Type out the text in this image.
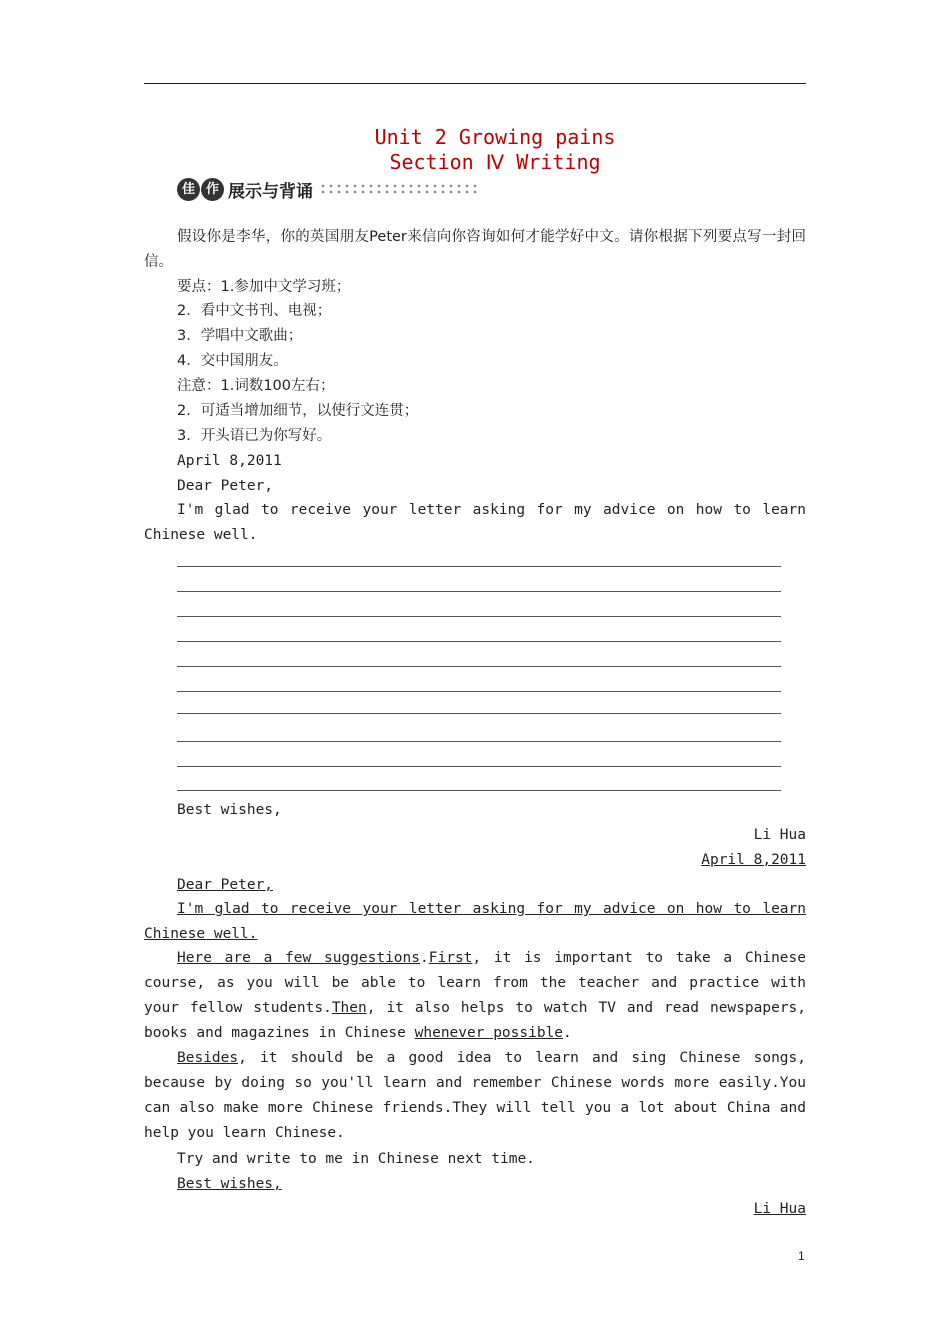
Unit 2 Growing pains
Section Ⅳ Writing
佳 作 展示与背诵
假设你是李华，你的英国朋友Peter来信向你咨询如何才能学好中文。请你根据下列要点写一封回信。
要点：1.参加中文学习班；
2．看中文书刊、电视；
3．学唱中文歌曲；
4．交中国朋友。
注意：1.词数100左右；
2．可适当增加细节，以使行文连贯；
3．开头语已为你写好。
April 8,2011
Dear Peter,
I'm glad to receive your letter asking for my advice on how to learn Chinese well.
Best wishes,
Li Hua
April 8,2011
Dear Peter,
I'm glad to receive your letter asking for my advice on how to learn Chinese well.
Here are a few suggestions.First, it is important to take a Chinese course, as you will be able to learn from the teacher and practice with your fellow students.Then, it also helps to watch TV and read newspapers, books and magazines in Chinese whenever possible.
Besides, it should be a good idea to learn and sing Chinese songs, because by doing so you'll learn and remember Chinese words more easily.You can also make more Chinese friends.They will tell you a lot about China and help you learn Chinese.
Try and write to me in Chinese next time.
Best wishes,
Li Hua
1
